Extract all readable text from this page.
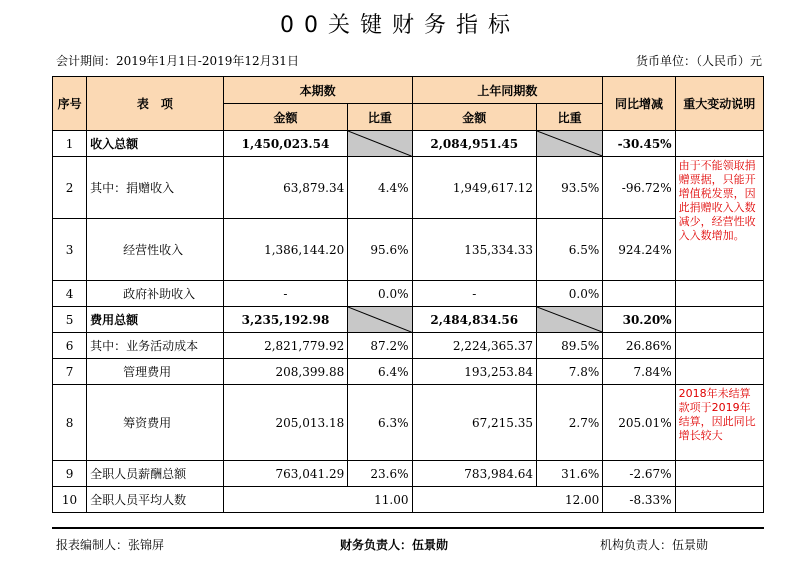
00关键财务指标
会计期间：2019年1月1日-2019年12月31日	货币单位：（人民币）元
序号	表　项	本期数		上年同期数		同比增减	重大变动说明
		金额	比重	金额	比重		
1	收入总额	1,450,023.54		2,084,951.45		-30.45%	
2	其中：捐赠收入	63,879.34	4.4%	1,949,617.12	93.5%	-96.72%	由于不能领取捐赠票据，只能开增值税发票，因此捐赠收入入数减少，经营性收入入数增加。
3	经营性收入	1,386,144.20	95.6%	135,334.33	6.5%	924.24%	
4	政府补助收入	-	0.0%	-	0.0%		
5	费用总额	3,235,192.98		2,484,834.56		30.20%	
6	其中：业务活动成本	2,821,779.92	87.2%	2,224,365.37	89.5%	26.86%	
7	管理费用	208,399.88	6.4%	193,253.84	7.8%	7.84%	
8	筹资费用	205,013.18	6.3%	67,215.35	2.7%	205.01%	2018年未结算款项于2019年结算，因此同比增长较大
9	全职人员薪酬总额	763,041.29	23.6%	783,984.64	31.6%	-2.67%	
10	全职人员平均人数	11.00		12.00		-8.33%	
报表编制人：张锦屏	财务负责人：伍景勋	机构负责人：伍景勋
